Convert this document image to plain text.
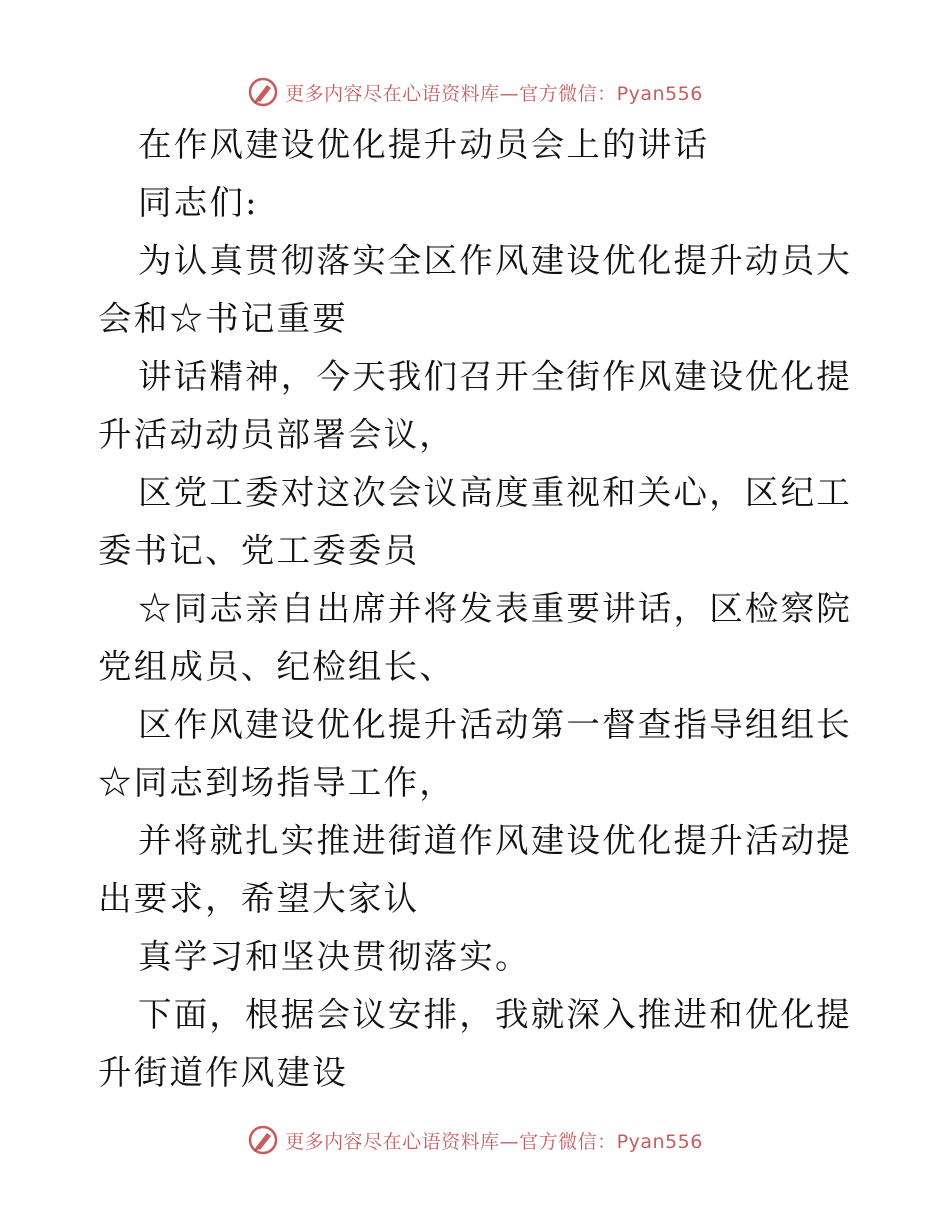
更多内容尽在心语资料库—官方微信：Pyan556

在作风建设优化提升动员会上的讲话

同志们:

为认真贯彻落实全区作风建设优化提升动员大会和☆书记重要

讲话精神，今天我们召开全街作风建设优化提升活动动员部署会议，

区党工委对这次会议高度重视和关心，区纪工委书记、党工委委员

☆同志亲自出席并将发表重要讲话，区检察院党组成员、纪检组长、

区作风建设优化提升活动第一督查指导组组长☆同志到场指导工作，

并将就扎实推进街道作风建设优化提升活动提出要求，希望大家认

真学习和坚决贯彻落实。

下面，根据会议安排，我就深入推进和优化提升街道作风建设

更多内容尽在心语资料库—官方微信：Pyan556
